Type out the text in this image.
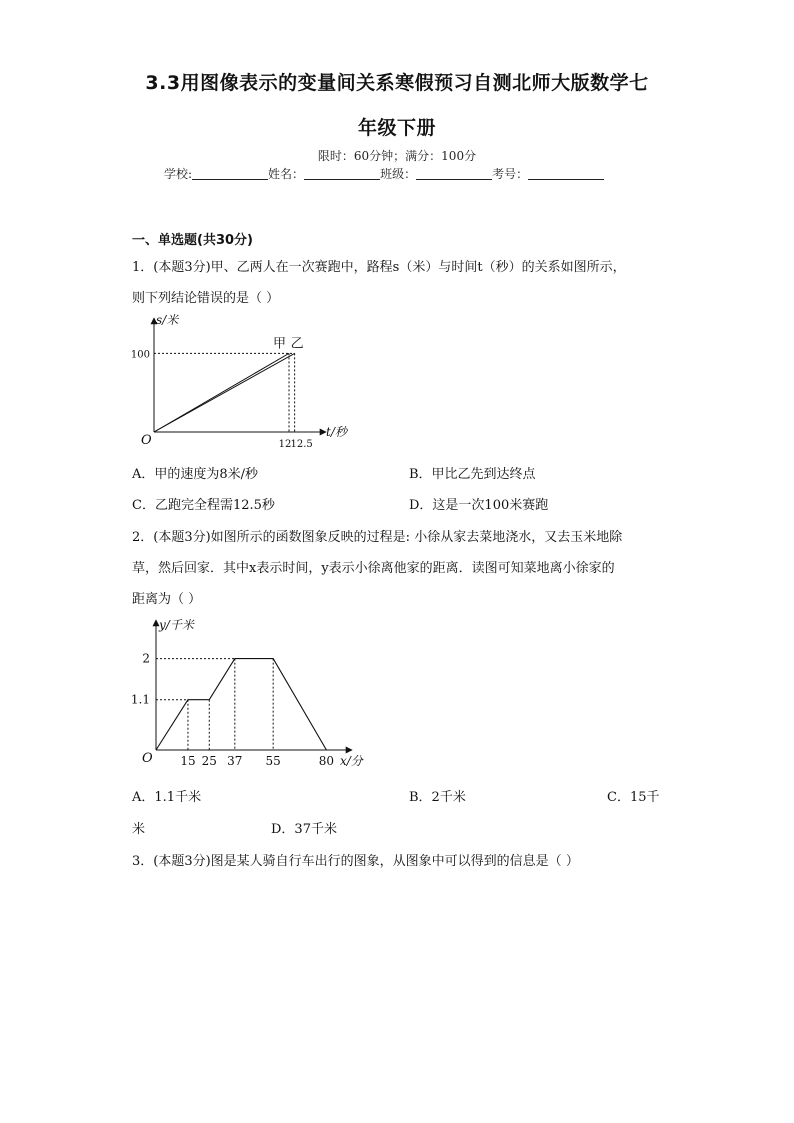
3.3用图像表示的变量间关系寒假预习自测北师大版数学七
年级下册
限时：60分钟；满分：100分
学校:	姓名：	班级：	考号：
一、单选题(共30分)
1．(本题3分)甲、乙两人在一次赛跑中，路程s（米）与时间t（秒）的关系如图所示，
则下列结论错误的是（ ）
甲 乙
100
12 12.5
s/米
t/秒
O
A．甲的速度为8米/秒	B．甲比乙先到达终点
C．乙跑完全程需12.5秒	D．这是一次100米赛跑
2．(本题3分)如图所示的函数图象反映的过程是: 小徐从家去菜地浇水，又去玉米地除
草，然后回家．其中x表示时间，y表示小徐离他家的距离．读图可知菜地离小徐家的
距离为（ ）
1.1
2
15 25 37 55	80
y/千米
x/分
O
A．1.1千米	B．2千米	C．15千
米	D．37千米
3．(本题3分)图是某人骑自行车出行的图象，从图象中可以得到的信息是（ ）
